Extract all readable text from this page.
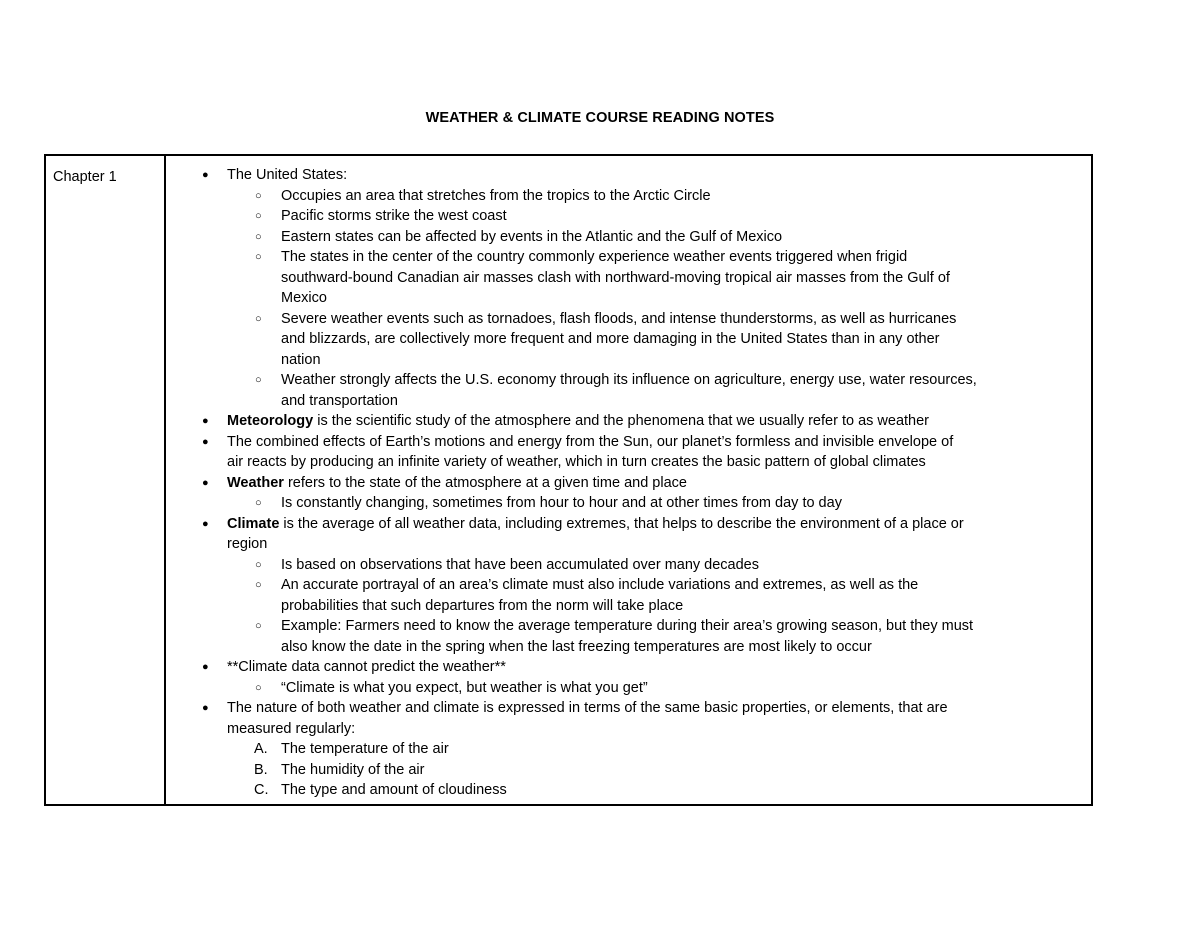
WEATHER & CLIMATE COURSE READING NOTES
Chapter 1	● The United States:
○ Occupies an area that stretches from the tropics to the Arctic Circle
○ Pacific storms strike the west coast
○ Eastern states can be affected by events in the Atlantic and the Gulf of Mexico
○ The states in the center of the country commonly experience weather events triggered when frigid
southward-bound Canadian air masses clash with northward-moving tropical air masses from the Gulf of
Mexico
○ Severe weather events such as tornadoes, flash floods, and intense thunderstorms, as well as hurricanes
and blizzards, are collectively more frequent and more damaging in the United States than in any other
nation
○ Weather strongly affects the U.S. economy through its influence on agriculture, energy use, water resources,
and transportation
● Meteorology is the scientific study of the atmosphere and the phenomena that we usually refer to as weather
● The combined effects of Earth’s motions and energy from the Sun, our planet’s formless and invisible envelope of
air reacts by producing an infinite variety of weather, which in turn creates the basic pattern of global climates
● Weather refers to the state of the atmosphere at a given time and place
○ Is constantly changing, sometimes from hour to hour and at other times from day to day
● Climate is the average of all weather data, including extremes, that helps to describe the environment of a place or
region
○ Is based on observations that have been accumulated over many decades
○ An accurate portrayal of an area’s climate must also include variations and extremes, as well as the
probabilities that such departures from the norm will take place
○ Example: Farmers need to know the average temperature during their area’s growing season, but they must
also know the date in the spring when the last freezing temperatures are most likely to occur
● **Climate data cannot predict the weather**
○ “Climate is what you expect, but weather is what you get”
● The nature of both weather and climate is expressed in terms of the same basic properties, or elements, that are
measured regularly:
A. The temperature of the air
B. The humidity of the air
C. The type and amount of cloudiness
